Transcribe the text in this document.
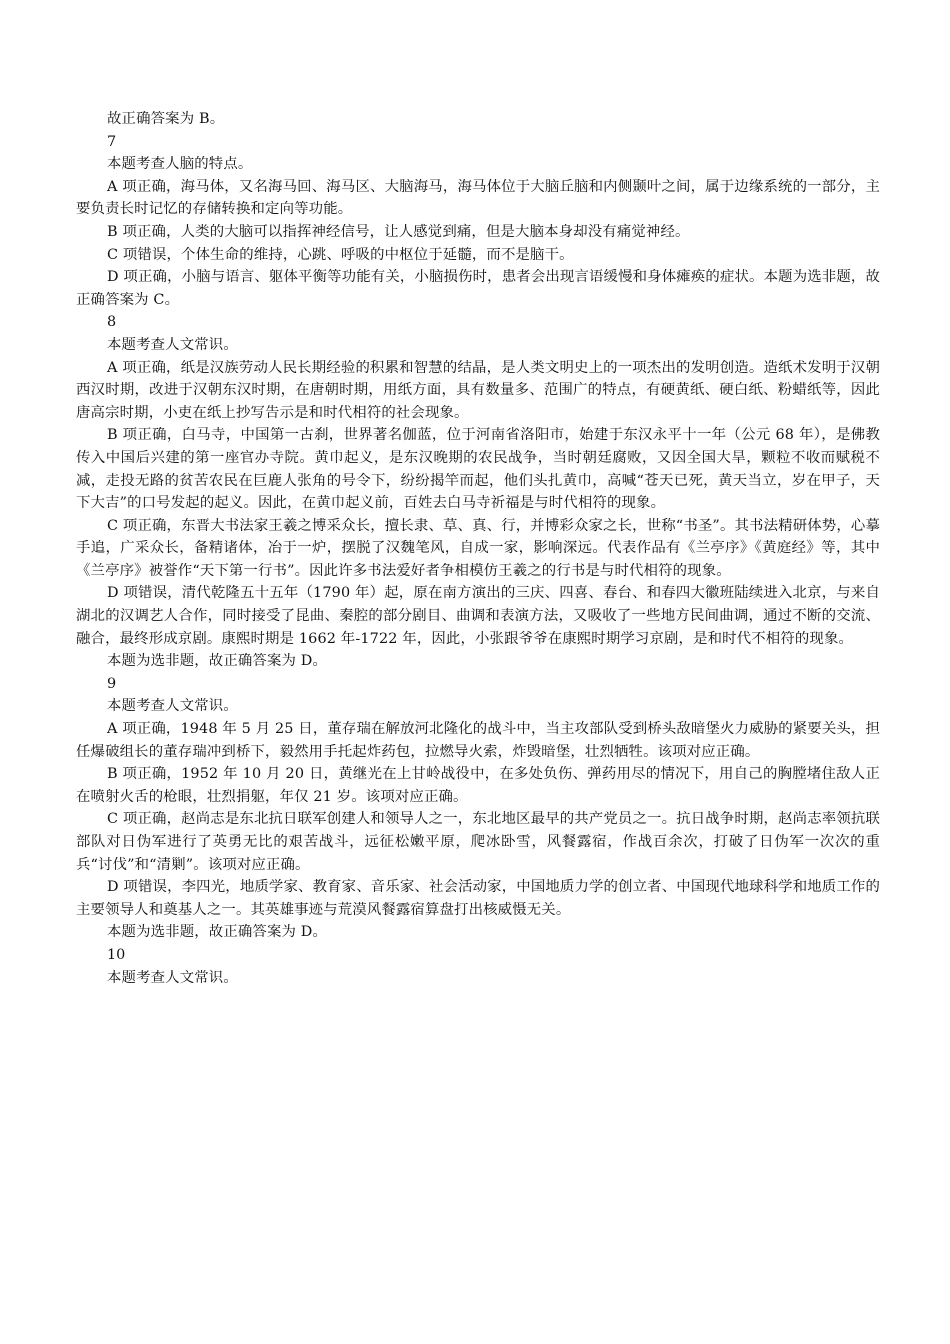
故正确答案为 B。

7

本题考查人脑的特点。

A 项正确，海马体，又名海马回、海马区、大脑海马，海马体位于大脑丘脑和内侧颞叶之间，属于边缘系统的一部分，主要负责长时记忆的存储转换和定向等功能。

B 项正确，人类的大脑可以指挥神经信号，让人感觉到痛，但是大脑本身却没有痛觉神经。

C 项错误，个体生命的维持，心跳、呼吸的中枢位于延髓，而不是脑干。

D 项正确，小脑与语言、躯体平衡等功能有关，小脑损伤时，患者会出现言语缓慢和身体瘫痪的症状。本题为选非题，故正确答案为 C。

8

本题考查人文常识。

A 项正确，纸是汉族劳动人民长期经验的积累和智慧的结晶，是人类文明史上的一项杰出的发明创造。造纸术发明于汉朝西汉时期，改进于汉朝东汉时期，在唐朝时期，用纸方面，具有数量多、范围广的特点，有硬黄纸、硬白纸、粉蜡纸等，因此唐高宗时期，小吏在纸上抄写告示是和时代相符的社会现象。

B 项正确，白马寺，中国第一古刹，世界著名伽蓝，位于河南省洛阳市，始建于东汉永平十一年（公元 68 年），是佛教传入中国后兴建的第一座官办寺院。黄巾起义，是东汉晚期的农民战争，当时朝廷腐败，又因全国大旱，颗粒不收而赋税不减，走投无路的贫苦农民在巨鹿人张角的号令下，纷纷揭竿而起，他们头扎黄巾，高喊“苍天已死，黄天当立，岁在甲子，天下大吉”的口号发起的起义。因此，在黄巾起义前，百姓去白马寺祈福是与时代相符的现象。

C 项正确，东晋大书法家王羲之博采众长，擅长隶、草、真、行，并博彩众家之长，世称“书圣”。其书法精研体势，心摹手追，广采众长，备精诸体，冶于一炉，摆脱了汉魏笔风，自成一家，影响深远。代表作品有《兰亭序》《黄庭经》等，其中《兰亭序》被誉作“天下第一行书”。因此许多书法爱好者争相模仿王羲之的行书是与时代相符的现象。

D 项错误，清代乾隆五十五年（1790 年）起，原在南方演出的三庆、四喜、春台、和春四大徽班陆续进入北京，与来自湖北的汉调艺人合作，同时接受了昆曲、秦腔的部分剧目、曲调和表演方法，又吸收了一些地方民间曲调，通过不断的交流、融合，最终形成京剧。康熙时期是 1662 年-1722 年，因此，小张跟爷爷在康熙时期学习京剧，是和时代不相符的现象。

本题为选非题，故正确答案为 D。

9

本题考查人文常识。

A 项正确，1948 年 5 月 25 日，董存瑞在解放河北隆化的战斗中，当主攻部队受到桥头敌暗堡火力威胁的紧要关头，担任爆破组长的董存瑞冲到桥下，毅然用手托起炸药包，拉燃导火索，炸毁暗堡，壮烈牺牲。该项对应正确。

B 项正确，1952 年 10 月 20 日，黄继光在上甘岭战役中，在多处负伤、弹药用尽的情况下，用自己的胸膛堵住敌人正在喷射火舌的枪眼，壮烈捐躯，年仅 21 岁。该项对应正确。

C 项正确，赵尚志是东北抗日联军创建人和领导人之一，东北地区最早的共产党员之一。抗日战争时期，赵尚志率领抗联部队对日伪军进行了英勇无比的艰苦战斗，远征松嫩平原，爬冰卧雪，风餐露宿，作战百余次，打破了日伪军一次次的重兵“讨伐”和“清剿”。该项对应正确。

D 项错误，李四光，地质学家、教育家、音乐家、社会活动家，中国地质力学的创立者、中国现代地球科学和地质工作的主要领导人和奠基人之一。其英雄事迹与荒漠风餐露宿算盘打出核威慑无关。

本题为选非题，故正确答案为 D。

10

本题考查人文常识。
